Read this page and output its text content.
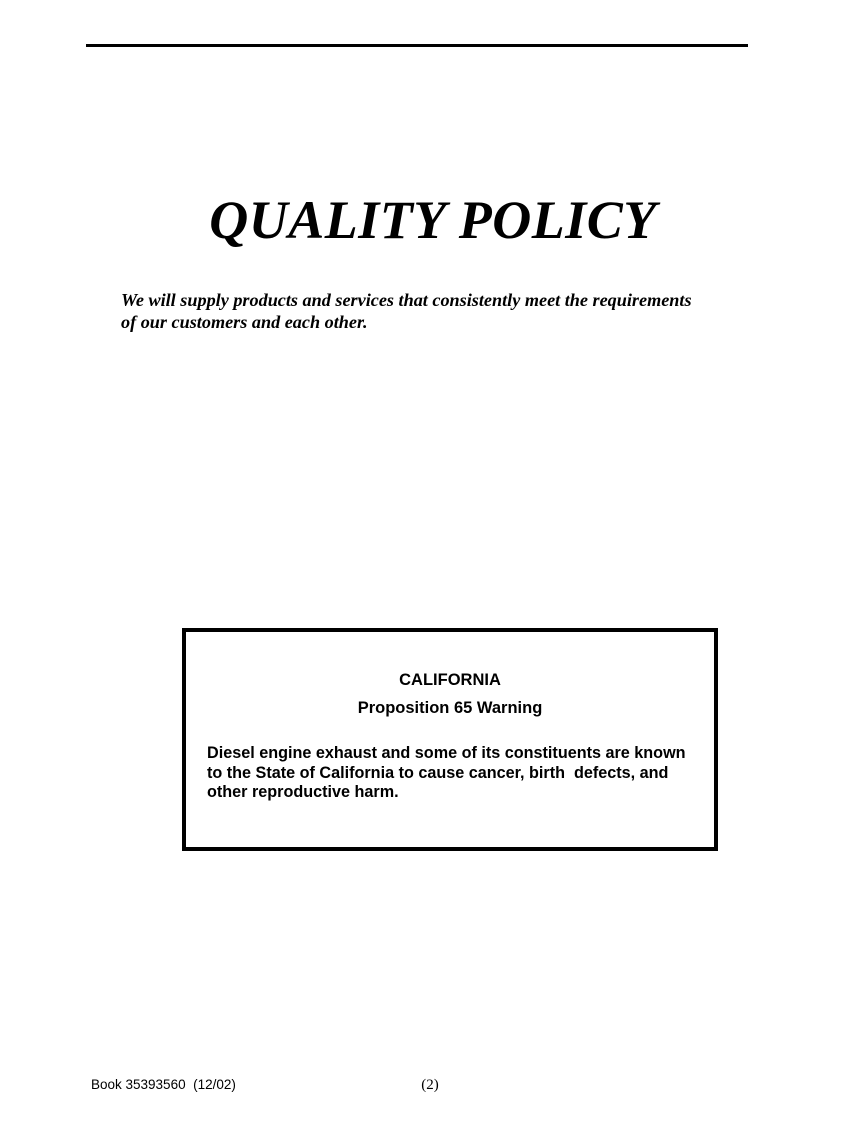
QUALITY POLICY
We will supply products and services that consistently meet the requirements
of our customers and each other.
CALIFORNIA
Proposition 65 Warning
Diesel engine exhaust and some of its constituents are known
to the State of California to cause cancer, birth  defects, and
other reproductive harm.
Book 35393560  (12/02)	(2)
